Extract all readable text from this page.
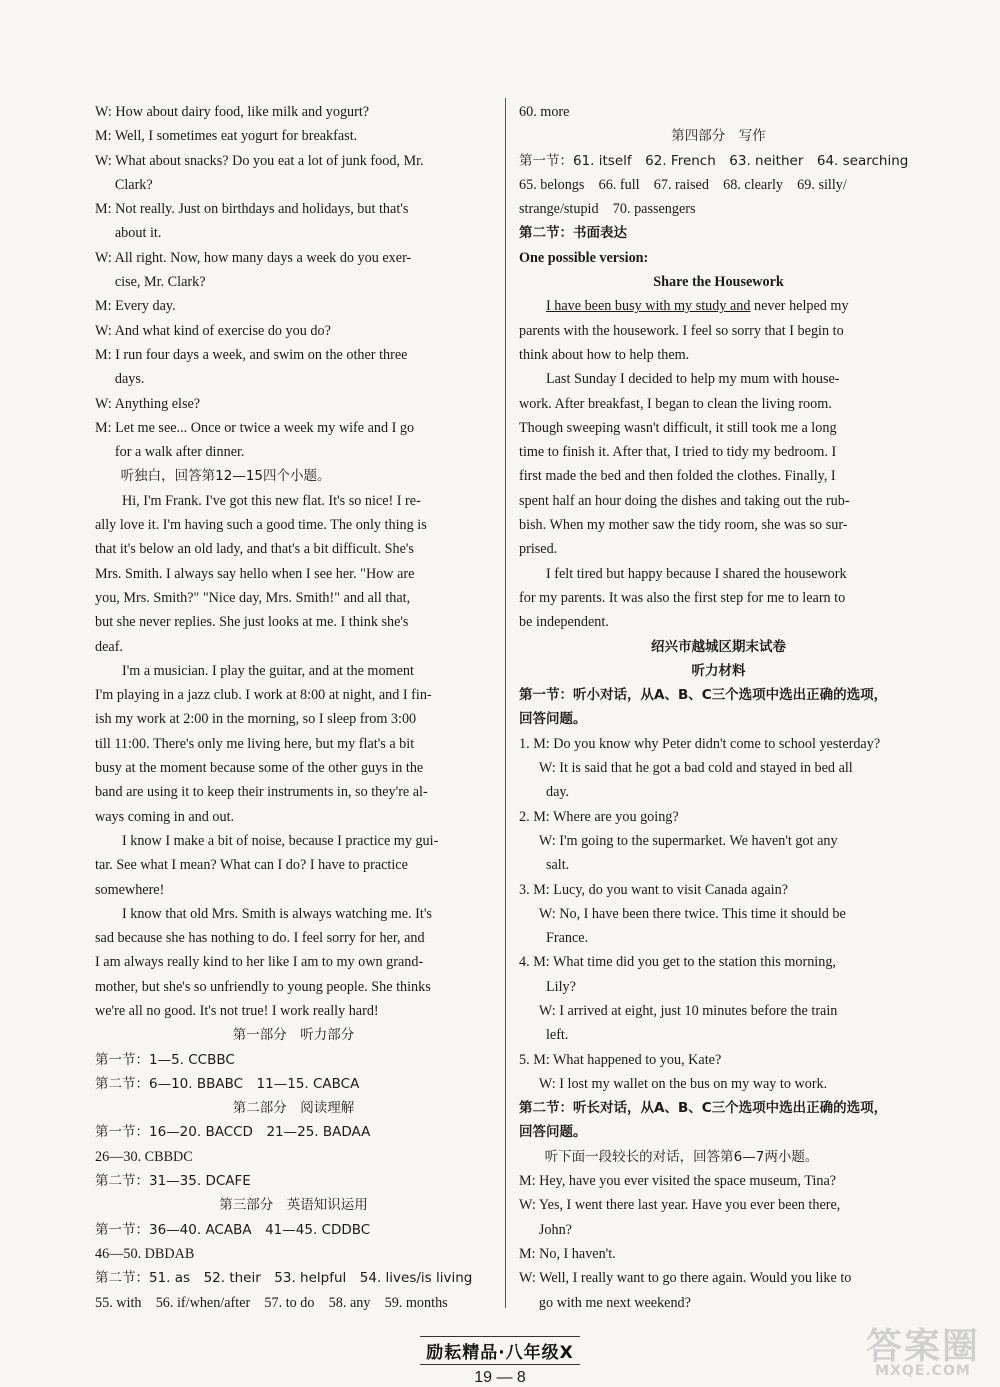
W: How about dairy food, like milk and yogurt?
M: Well, I sometimes eat yogurt for breakfast.
W: What about snacks? Do you eat a lot of junk food, Mr.
Clark?
M: Not really. Just on birthdays and holidays, but that's
about it.
W: All right. Now, how many days a week do you exer-
cise, Mr. Clark?
M: Every day.
W: And what kind of exercise do you do?
M: I run four days a week, and swim on the other three
days.
W: Anything else?
M: Let me see... Once or twice a week my wife and I go
for a walk after dinner.
听独白，回答第12—15四个小题。
Hi, I'm Frank. I've got this new flat. It's so nice! I re-
ally love it. I'm having such a good time. The only thing is
that it's below an old lady, and that's a bit difficult. She's
Mrs. Smith. I always say hello when I see her. "How are
you, Mrs. Smith?" "Nice day, Mrs. Smith!" and all that,
but she never replies. She just looks at me. I think she's
deaf.
I'm a musician. I play the guitar, and at the moment
I'm playing in a jazz club. I work at 8:00 at night, and I fin-
ish my work at 2:00 in the morning, so I sleep from 3:00
till 11:00. There's only me living here, but my flat's a bit
busy at the moment because some of the other guys in the
band are using it to keep their instruments in, so they're al-
ways coming in and out.
I know I make a bit of noise, because I practice my gui-
tar. See what I mean? What can I do? I have to practice
somewhere!
I know that old Mrs. Smith is always watching me. It's
sad because she has nothing to do. I feel sorry for her, and
I am always really kind to her like I am to my own grand-
mother, but she's so unfriendly to young people. She thinks
we're all no good. It's not true! I work really hard!
第一部分　听力部分
第一节：1—5. CCBBC
第二节：6—10. BBABC　11—15. CABCA
第二部分　阅读理解
第一节：16—20. BACCD　21—25. BADAA
26—30. CBBDC
第二节：31—35. DCAFE
第三部分　英语知识运用
第一节：36—40. ACABA　41—45. CDDBC
46—50. DBDAB
第二节：51. as　52. their　53. helpful　54. lives/is living
55. with　56. if/when/after　57. to do　58. any　59. months
60. more
第四部分　写作
第一节：61. itself　62. French　63. neither　64. searching
65. belongs　66. full　67. raised　68. clearly　69. silly/
strange/stupid　70. passengers
第二节：书面表达
One possible version:
Share the Housework
I have been busy with my study and never helped my
parents with the housework. I feel so sorry that I begin to
think about how to help them.
Last Sunday I decided to help my mum with house-
work. After breakfast, I began to clean the living room.
Though sweeping wasn't difficult, it still took me a long
time to finish it. After that, I tried to tidy my bedroom. I
first made the bed and then folded the clothes. Finally, I
spent half an hour doing the dishes and taking out the rub-
bish. When my mother saw the tidy room, she was so sur-
prised.
I felt tired but happy because I shared the housework
for my parents. It was also the first step for me to learn to
be independent.
绍兴市越城区期末试卷
听力材料
第一节：听小对话，从A、B、C三个选项中选出正确的选项，
回答问题。
1. M: Do you know why Peter didn't come to school yesterday?
W: It is said that he got a bad cold and stayed in bed all
day.
2. M: Where are you going?
W: I'm going to the supermarket. We haven't got any
salt.
3. M: Lucy, do you want to visit Canada again?
W: No, I have been there twice. This time it should be
France.
4. M: What time did you get to the station this morning,
Lily?
W: I arrived at eight, just 10 minutes before the train
left.
5. M: What happened to you, Kate?
W: I lost my wallet on the bus on my way to work.
第二节：听长对话，从A、B、C三个选项中选出正确的选项，
回答问题。
听下面一段较长的对话，回答第6—7两小题。
M: Hey, have you ever visited the space museum, Tina?
W: Yes, I went there last year. Have you ever been there,
John?
M: No, I haven't.
W: Well, I really want to go there again. Would you like to
go with me next weekend?
励耘精品·八年级X
19 — 8
答案圈
MXQE.COM
